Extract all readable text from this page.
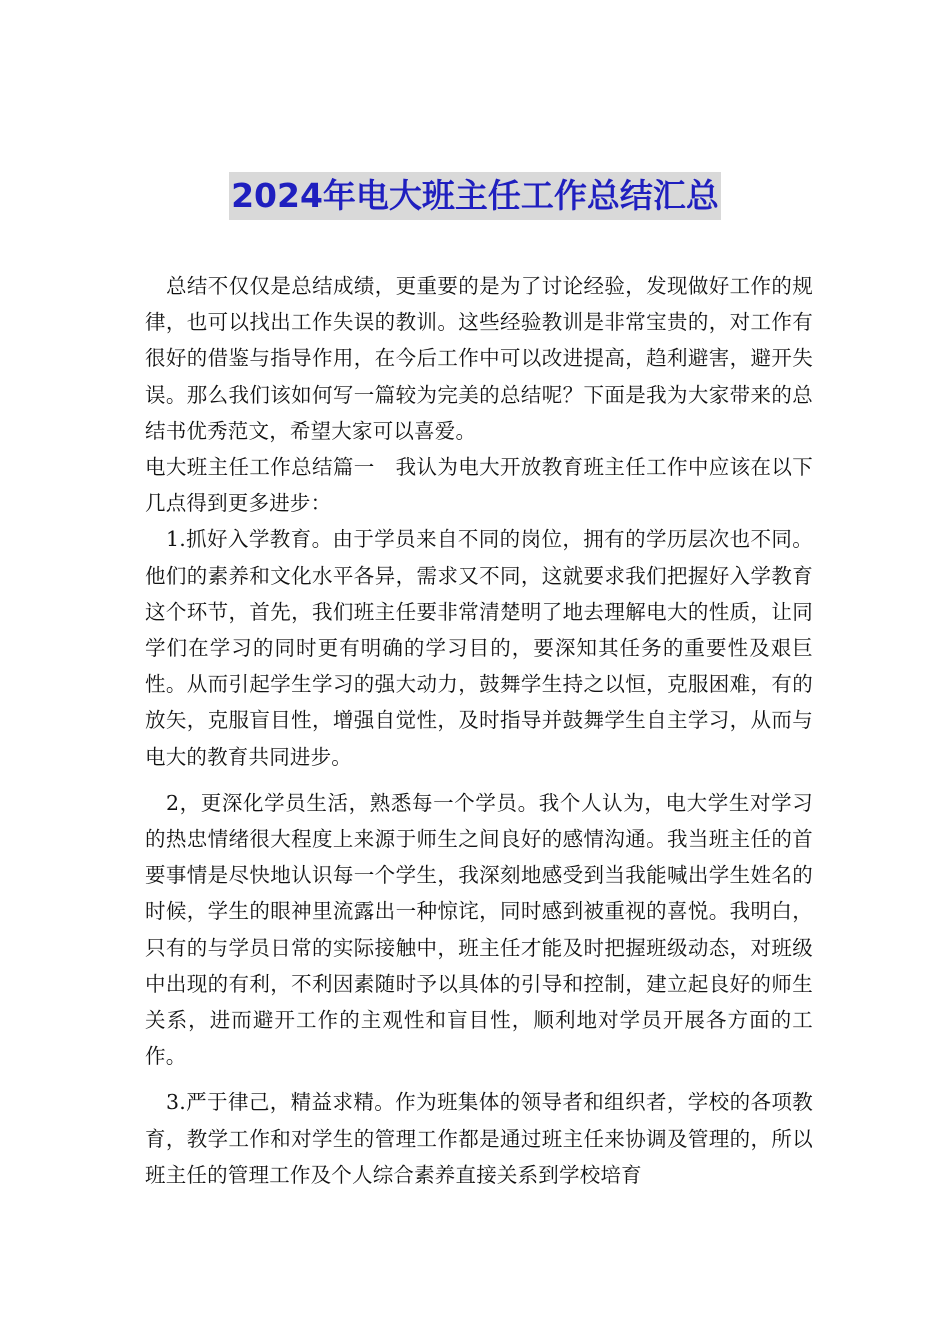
2024年电大班主任工作总结汇总

总结不仅仅是总结成绩，更重要的是为了讨论经验，发现做好工作的规律，也可以找出工作失误的教训。这些经验教训是非常宝贵的，对工作有很好的借鉴与指导作用，在今后工作中可以改进提高，趋利避害，避开失误。那么我们该如何写一篇较为完美的总结呢？下面是我为大家带来的总结书优秀范文，希望大家可以喜爱。

电大班主任工作总结篇一　我认为电大开放教育班主任工作中应该在以下几点得到更多进步：

1.抓好入学教育。由于学员来自不同的岗位，拥有的学历层次也不同。他们的素养和文化水平各异，需求又不同，这就要求我们把握好入学教育这个环节，首先，我们班主任要非常清楚明了地去理解电大的性质，让同学们在学习的同时更有明确的学习目的，要深知其任务的重要性及艰巨性。从而引起学生学习的强大动力，鼓舞学生持之以恒，克服困难，有的放矢，克服盲目性，增强自觉性，及时指导并鼓舞学生自主学习，从而与电大的教育共同进步。

2，更深化学员生活，熟悉每一个学员。我个人认为，电大学生对学习的热忠情绪很大程度上来源于师生之间良好的感情沟通。我当班主任的首要事情是尽快地认识每一个学生，我深刻地感受到当我能喊出学生姓名的时候，学生的眼神里流露出一种惊诧，同时感到被重视的喜悦。我明白，只有的与学员日常的实际接触中，班主任才能及时把握班级动态，对班级中出现的有利，不利因素随时予以具体的引导和控制，建立起良好的师生关系，进而避开工作的主观性和盲目性，顺利地对学员开展各方面的工作。

3.严于律己，精益求精。作为班集体的领导者和组织者，学校的各项教育，教学工作和对学生的管理工作都是通过班主任来协调及管理的，所以班主任的管理工作及个人综合素养直接关系到学校培育
